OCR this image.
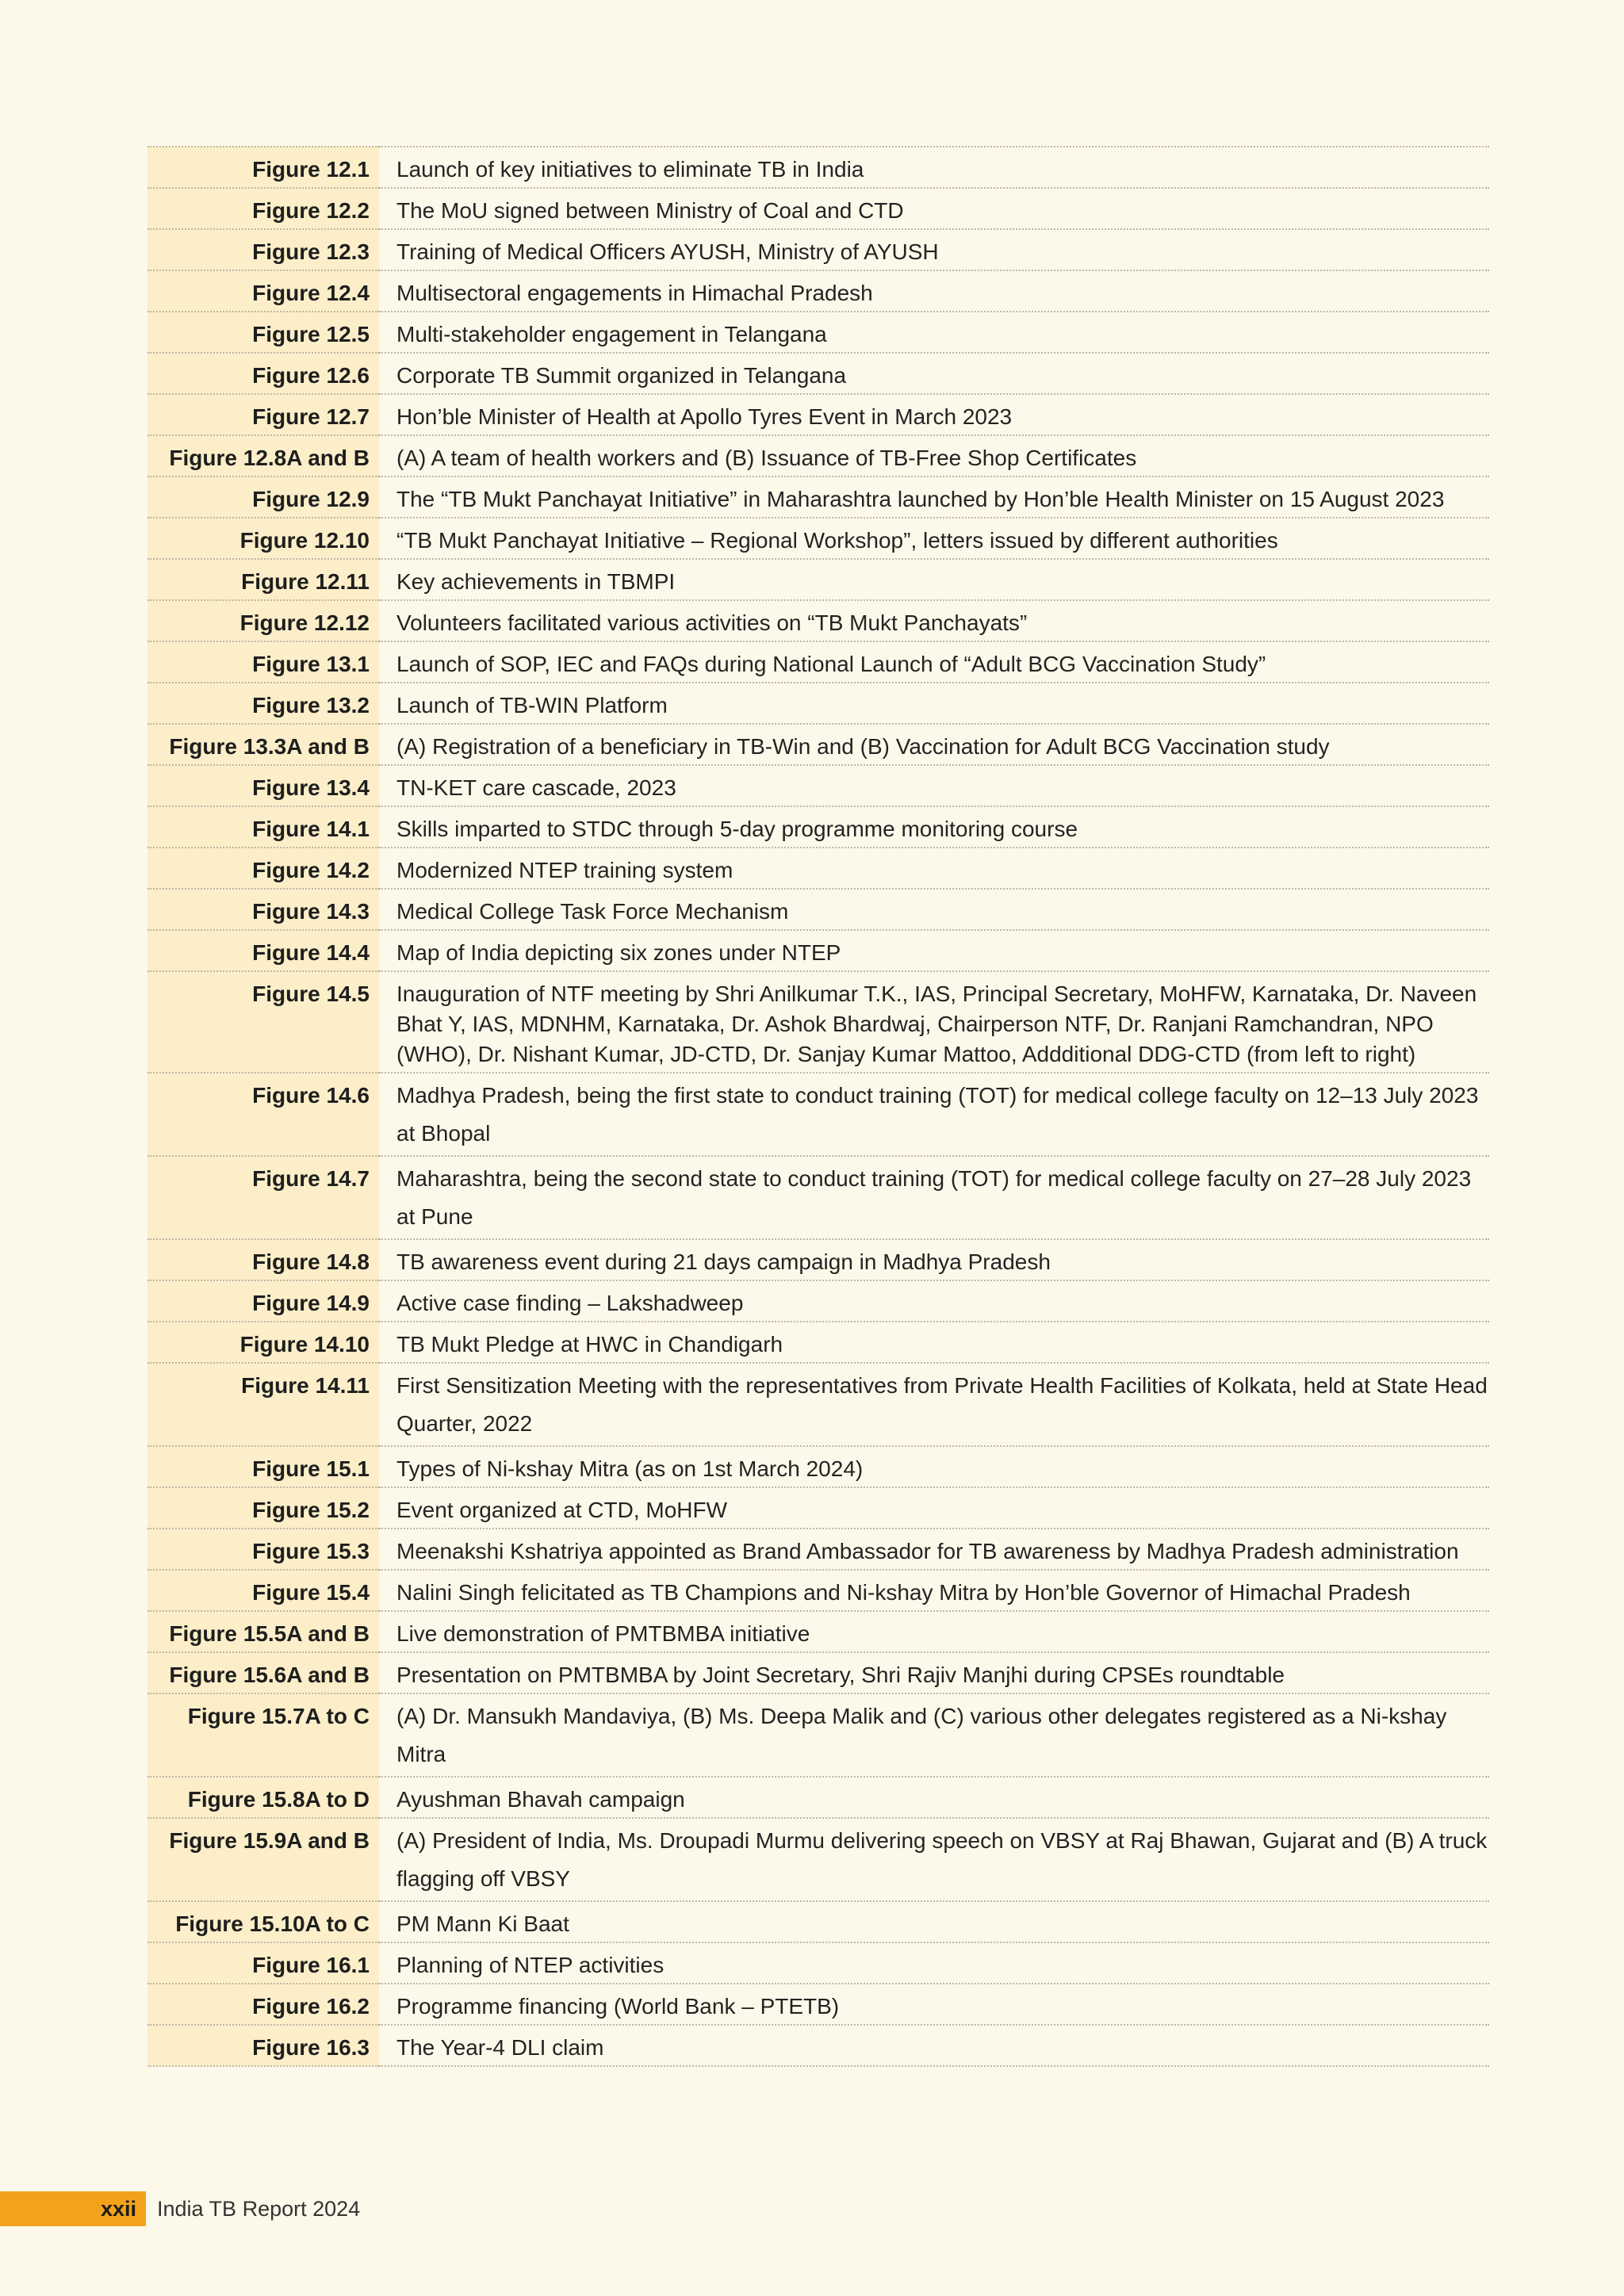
Figure 12.1	Launch of key initiatives to eliminate TB in India
Figure 12.2	The MoU signed between Ministry of Coal and CTD
Figure 12.3	Training of Medical Officers AYUSH, Ministry of AYUSH
Figure 12.4	Multisectoral engagements in Himachal Pradesh
Figure 12.5	Multi-stakeholder engagement in Telangana
Figure 12.6	Corporate TB Summit organized in Telangana
Figure 12.7	Hon’ble Minister of Health at Apollo Tyres Event in March 2023
Figure 12.8A and B	(A) A team of health workers and (B) Issuance of TB-Free Shop Certificates
Figure 12.9	The “TB Mukt Panchayat Initiative” in Maharashtra launched by Hon’ble Health Minister on 15 August 2023
Figure 12.10	“TB Mukt Panchayat Initiative – Regional Workshop”, letters issued by different authorities
Figure 12.11	Key achievements in TBMPI
Figure 12.12	Volunteers facilitated various activities on “TB Mukt Panchayats”
Figure 13.1	Launch of SOP, IEC and FAQs during National Launch of “Adult BCG Vaccination Study”
Figure 13.2	Launch of TB-WIN Platform
Figure 13.3A and B	(A) Registration of a beneficiary in TB-Win and (B) Vaccination for Adult BCG Vaccination study
Figure 13.4	TN-KET care cascade, 2023
Figure 14.1	Skills imparted to STDC through 5-day programme monitoring course
Figure 14.2	Modernized NTEP training system
Figure 14.3	Medical College Task Force Mechanism
Figure 14.4	Map of India depicting six zones under NTEP
Figure 14.5	Inauguration of NTF meeting by Shri Anilkumar T.K., IAS, Principal Secretary, MoHFW, Karnataka, Dr. Naveen Bhat Y, IAS, MDNHM, Karnataka, Dr. Ashok Bhardwaj, Chairperson NTF, Dr. Ranjani Ramchandran, NPO (WHO), Dr. Nishant Kumar, JD-CTD, Dr. Sanjay Kumar Mattoo, Addditional DDG-CTD (from left to right)
Figure 14.6	Madhya Pradesh, being the first state to conduct training (TOT) for medical college faculty on 12–13 July 2023 at Bhopal
Figure 14.7	Maharashtra, being the second state to conduct training (TOT) for medical college faculty on 27–28 July 2023 at Pune
Figure 14.8	TB awareness event during 21 days campaign in Madhya Pradesh
Figure 14.9	Active case finding – Lakshadweep
Figure 14.10	TB Mukt Pledge at HWC in Chandigarh
Figure 14.11	First Sensitization Meeting with the representatives from Private Health Facilities of Kolkata, held at State Head Quarter, 2022
Figure 15.1	Types of Ni-kshay Mitra (as on 1st March 2024)
Figure 15.2	Event organized at CTD, MoHFW
Figure 15.3	Meenakshi Kshatriya appointed as Brand Ambassador for TB awareness by Madhya Pradesh administration
Figure 15.4	Nalini Singh felicitated as TB Champions and Ni-kshay Mitra by Hon’ble Governor of Himachal Pradesh
Figure 15.5A and B	Live demonstration of PMTBMBA initiative
Figure 15.6A and B	Presentation on PMTBMBA by Joint Secretary, Shri Rajiv Manjhi during CPSEs roundtable
Figure 15.7A to C	(A) Dr. Mansukh Mandaviya, (B) Ms. Deepa Malik and (C) various other delegates registered as a Ni-kshay Mitra
Figure 15.8A to D	Ayushman Bhavah campaign
Figure 15.9A and B	(A) President of India, Ms. Droupadi Murmu delivering speech on VBSY at Raj Bhawan, Gujarat and (B) A truck flagging off VBSY
Figure 15.10A to C	PM Mann Ki Baat
Figure 16.1	Planning of NTEP activities
Figure 16.2	Programme financing (World Bank – PTETB)
Figure 16.3	The Year-4 DLI claim
xxii India TB Report 2024
